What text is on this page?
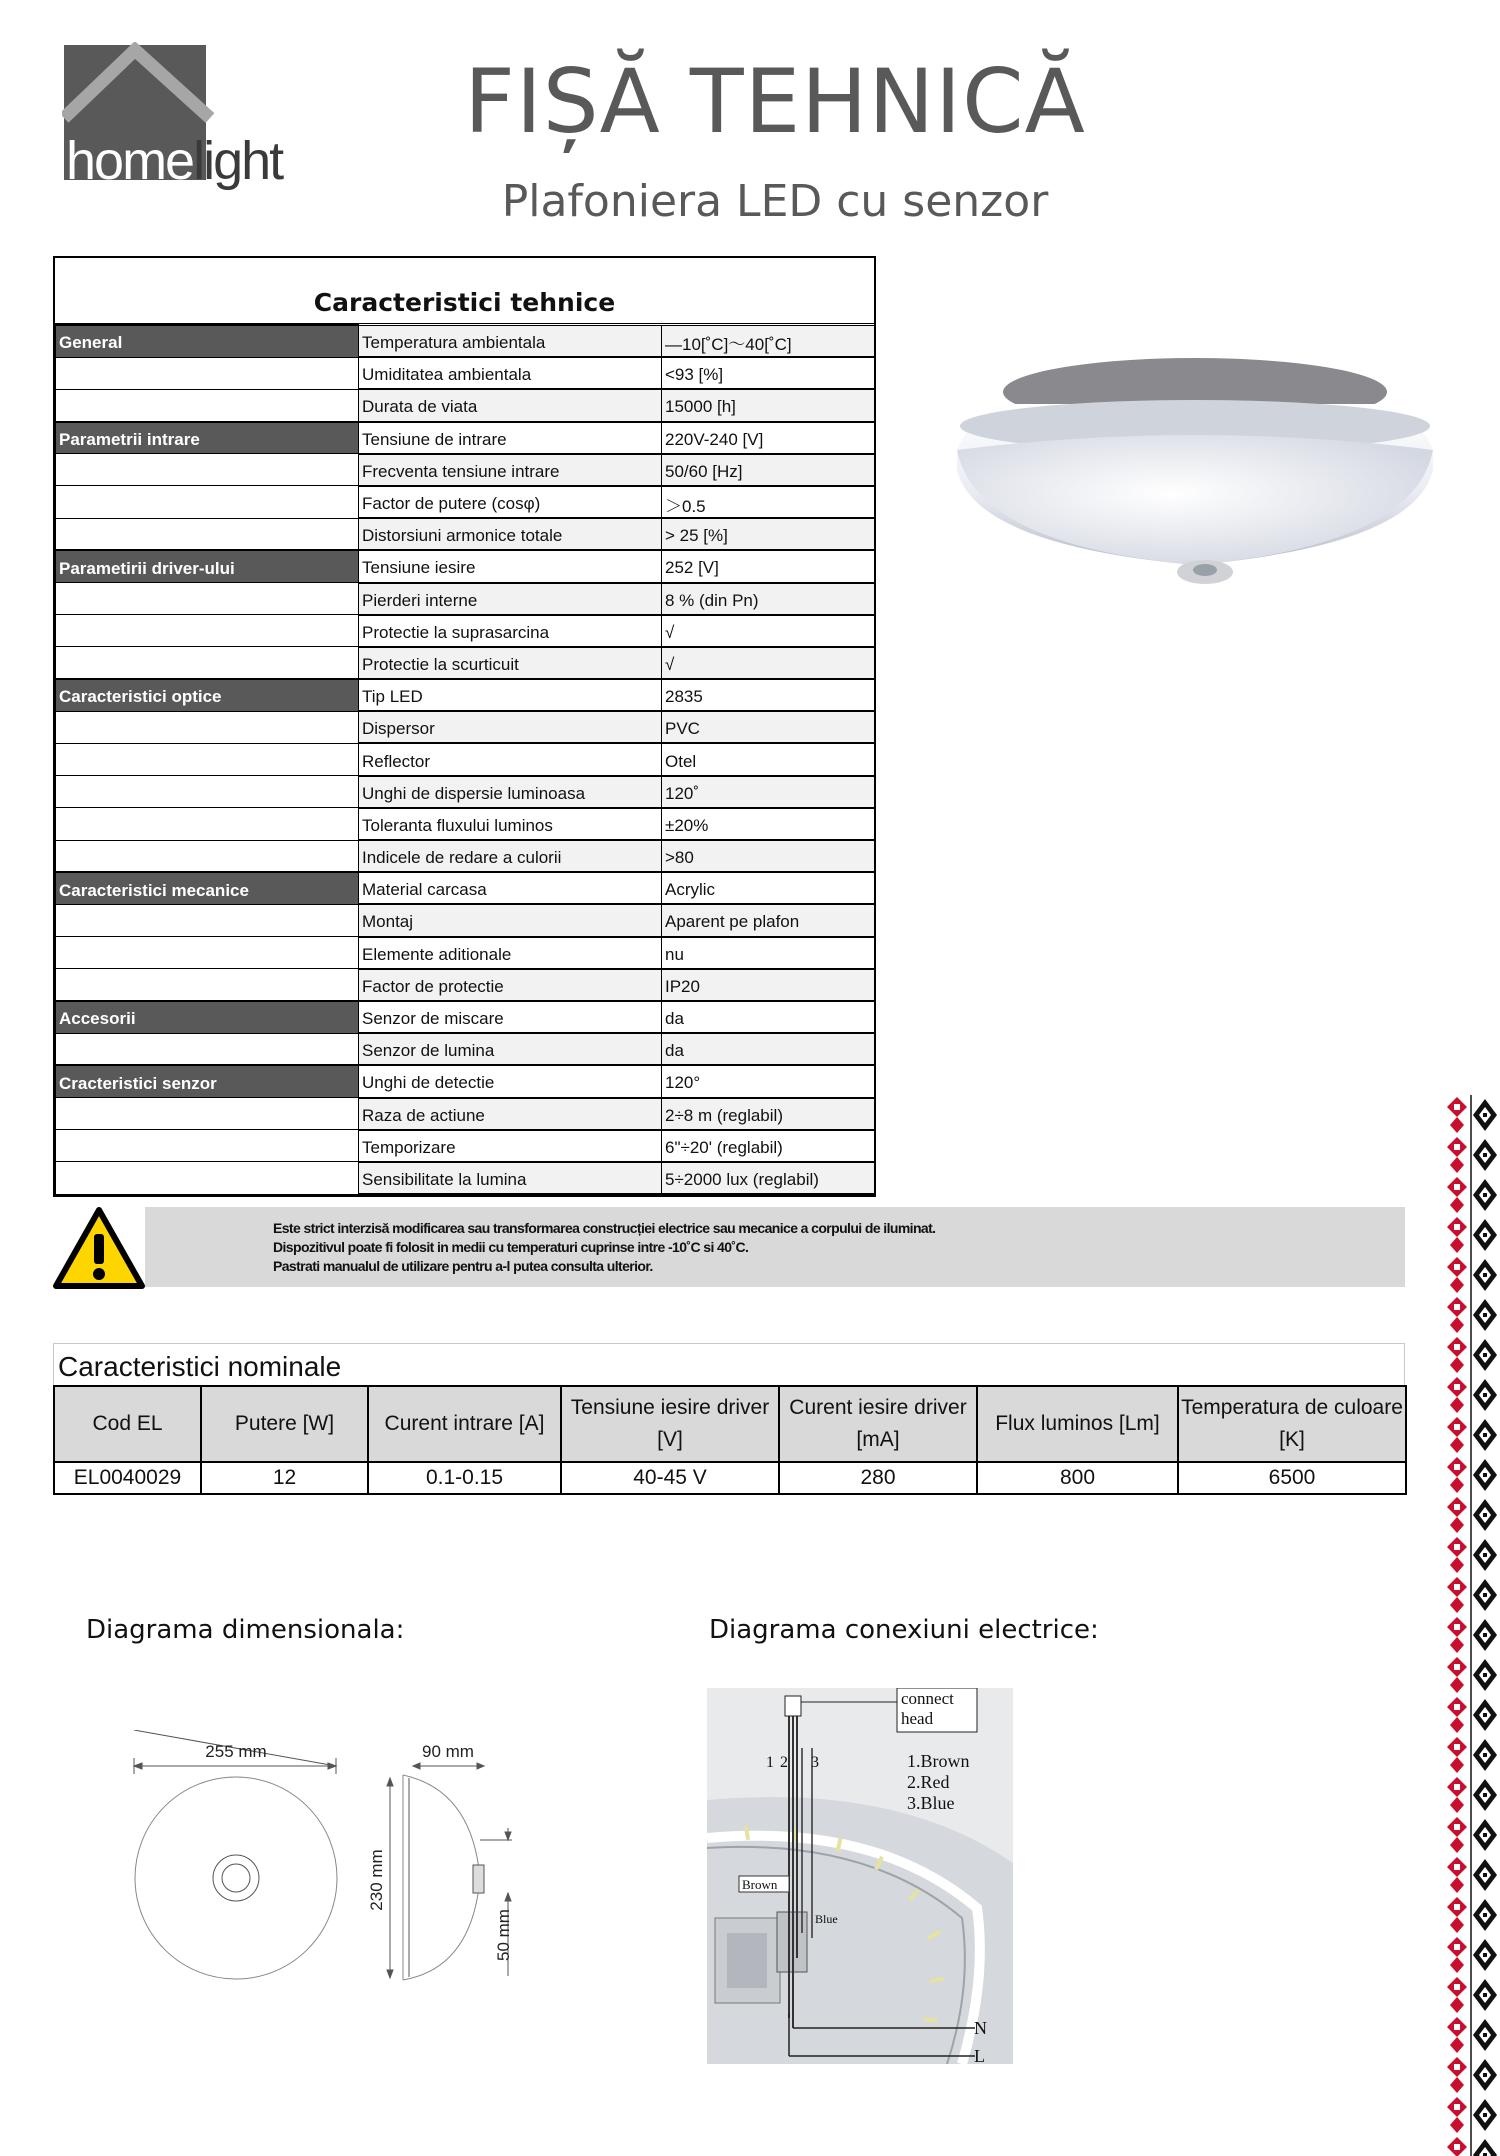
homelight
FIȘĂ TEHNICĂ
Plafoniera LED cu senzor
Caracteristici tehnice
General	Temperatura ambientala	—10[˚C]～40[˚C]
	Umiditatea ambientala	<93 [%]
	Durata de viata	15000 [h]
Parametrii intrare	Tensiune de intrare	220V-240 [V]
	Frecventa tensiune intrare	50/60 [Hz]
	Factor de putere (cosφ)	＞0.5
	Distorsiuni armonice totale	> 25 [%]
Parametirii driver-ului	Tensiune iesire	252 [V]
	Pierderi interne	8 % (din Pn)
	Protectie la suprasarcina	√
	Protectie la scurticuit	√
Caracteristici optice	Tip LED	2835
	Dispersor	PVC
	Reflector	Otel
	Unghi de dispersie luminoasa	120˚
	Toleranta fluxului luminos	±20%
	Indicele de redare a culorii	>80
Caracteristici mecanice	Material carcasa	Acrylic
	Montaj	Aparent pe plafon
	Elemente aditionale	nu
	Factor de protectie	IP20
Accesorii	Senzor de miscare	da
	Senzor de lumina	da
Cracteristici senzor	Unghi de detectie	120°
	Raza de actiune	2÷8 m (reglabil)
	Temporizare	6"÷20' (reglabil)
	Sensibilitate la lumina	5÷2000 lux (reglabil)

Este strict interzisă modificarea sau transformarea construcției electrice sau mecanice a corpului de iluminat.

Dispozitivul poate fi folosit in medii cu temperaturi cuprinse intre -10˚C si 40˚C.

Pastrati manualul de utilizare pentru a-l putea consulta ulterior.

Caracteristici nominale
Cod EL	Putere [W]	Curent intrare [A]	Tensiune iesire driver [V]	Curent iesire driver [mA]	Flux luminos [Lm]	Temperatura de culoare [K]
EL0040029	12	0.1-0.15	40-45 V	280	800	6500
Diagrama dimensionala:	Diagrama conexiuni electrice:
255 mm	90 mm
230 mm
50 mm
connect
head
1 2 3	1.Brown
2.Red
3.Blue
Brown
Blue
N
L
